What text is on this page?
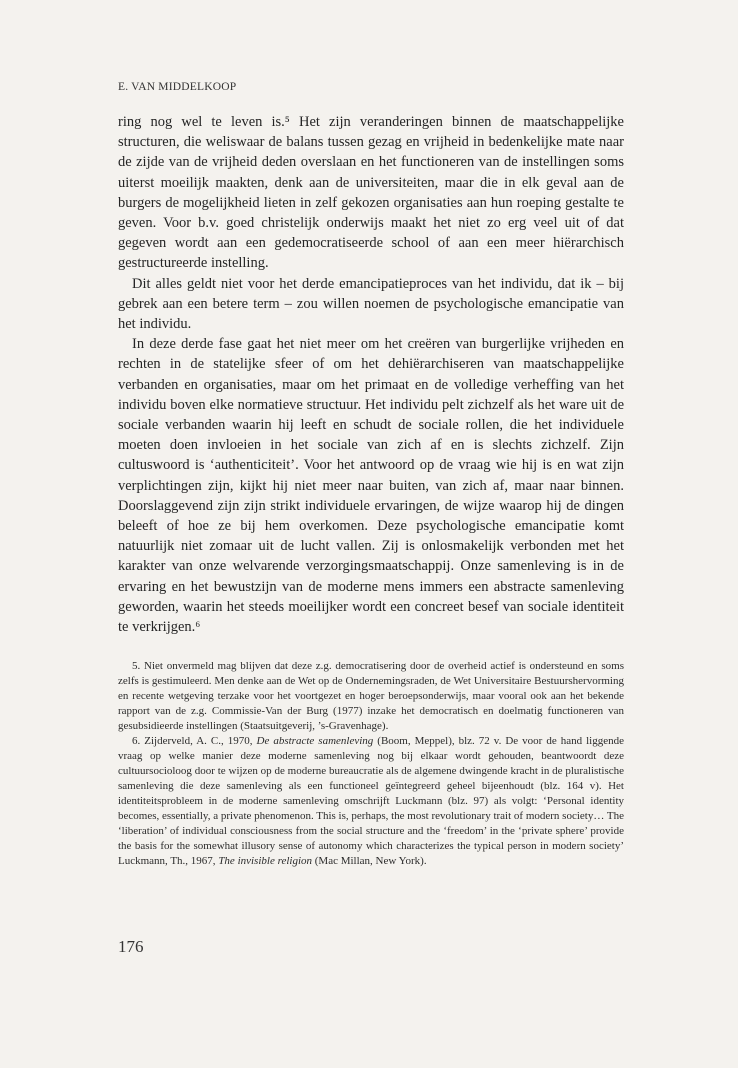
E. VAN MIDDELKOOP

ring nog wel te leven is.⁵ Het zijn veranderingen binnen de maatschappelijke structuren, die weliswaar de balans tussen gezag en vrijheid in bedenkelijke mate naar de zijde van de vrijheid deden overslaan en het functioneren van de instellingen soms uiterst moeilijk maakten, denk aan de universiteiten, maar die in elk geval aan de burgers de mogelijkheid lieten in zelf gekozen organisaties aan hun roeping gestalte te geven. Voor b.v. goed christelijk onderwijs maakt het niet zo erg veel uit of dat gegeven wordt aan een gedemocratiseerde school of aan een meer hiërarchisch gestructureerde instelling.

Dit alles geldt niet voor het derde emancipatieproces van het individu, dat ik – bij gebrek aan een betere term – zou willen noemen de psychologische emancipatie van het individu.

In deze derde fase gaat het niet meer om het creëren van burgerlijke vrijheden en rechten in de statelijke sfeer of om het dehiërarchiseren van maatschappelijke verbanden en organisaties, maar om het primaat en de volledige verheffing van het individu boven elke normatieve structuur. Het individu pelt zichzelf als het ware uit de sociale verbanden waarin hij leeft en schudt de sociale rollen, die het individuele moeten doen invloeien in het sociale van zich af en is slechts zichzelf. Zijn cultuswoord is ‘authenticiteit’. Voor het antwoord op de vraag wie hij is en wat zijn verplichtingen zijn, kijkt hij niet meer naar buiten, van zich af, maar naar binnen. Doorslaggevend zijn zijn strikt individuele ervaringen, de wijze waarop hij de dingen beleeft of hoe ze bij hem overkomen. Deze psychologische emancipatie komt natuurlijk niet zomaar uit de lucht vallen. Zij is onlosmakelijk verbonden met het karakter van onze welvarende verzorgingsmaatschappij. Onze samenleving is in de ervaring en het bewustzijn van de moderne mens immers een abstracte samenleving geworden, waarin het steeds moeilijker wordt een concreet besef van sociale identiteit te verkrijgen.⁶

5. Niet onvermeld mag blijven dat deze z.g. democratisering door de overheid actief is ondersteund en soms zelfs is gestimuleerd. Men denke aan de Wet op de Ondernemingsraden, de Wet Universitaire Bestuurshervorming en recente wetgeving terzake voor het voortgezet en hoger beroepsonderwijs, maar vooral ook aan het bekende rapport van de z.g. Commissie-Van der Burg (1977) inzake het democratisch en doelmatig functioneren van gesubsidieerde instellingen (Staatsuitgeverij, ’s-Gravenhage).

6. Zijderveld, A. C., 1970, De abstracte samenleving (Boom, Meppel), blz. 72 v. De voor de hand liggende vraag op welke manier deze moderne samenleving nog bij elkaar wordt gehouden, beantwoordt deze cultuursocioloog door te wijzen op de moderne bureaucratie als de algemene dwingende kracht in de pluralistische samenleving die deze samenleving als een functioneel geïntegreerd geheel bijeenhoudt (blz. 164 v). Het identiteitsprobleem in de moderne samenleving omschrijft Luckmann (blz. 97) als volgt: ‘Personal identity becomes, essentially, a private phenomenon. This is, perhaps, the most revolutionary trait of modern society… The ‘liberation’ of individual consciousness from the social structure and the ‘freedom’ in the ‘private sphere’ provide the basis for the somewhat illusory sense of autonomy which characterizes the typical person in modern society’ Luckmann, Th., 1967, The invisible religion (Mac Millan, New York).

176
